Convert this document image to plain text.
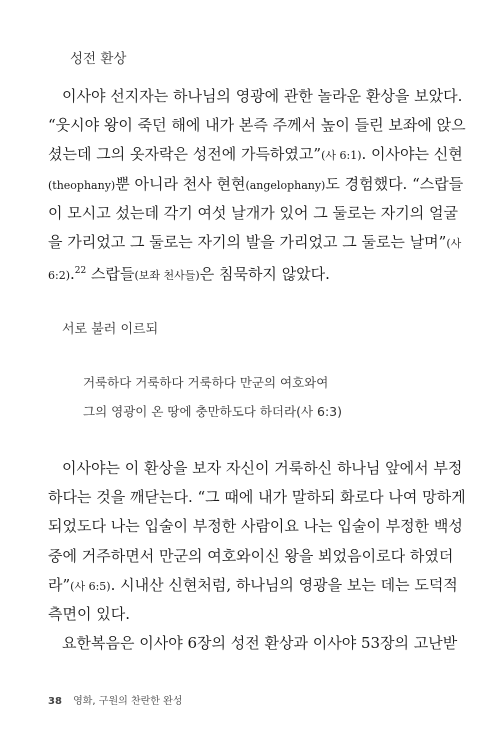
성전 환상
이사야 선지자는 하나님의 영광에 관한 놀라운 환상을 보았다.
“웃시야 왕이 죽던 해에 내가 본즉 주께서 높이 들린 보좌에 앉으
셨는데 그의 옷자락은 성전에 가득하였고”(사 6:1). 이사야는 신현
(theophany)뿐 아니라 천사 현현(angelophany)도 경험했다. “스랍들
이 모시고 섰는데 각기 여섯 날개가 있어 그 둘로는 자기의 얼굴
을 가리었고 그 둘로는 자기의 발을 가리었고 그 둘로는 날며”(사
6:2).$^{22}$ 스랍들(보좌 천사들)은 침묵하지 않았다.
서로 불러 이르되
거룩하다 거룩하다 거룩하다 만군의 여호와여
그의 영광이 온 땅에 충만하도다 하더라(사 6:3)
이사야는 이 환상을 보자 자신이 거룩하신 하나님 앞에서 부정
하다는 것을 깨닫는다. “그 때에 내가 말하되 화로다 나여 망하게
되었도다 나는 입술이 부정한 사람이요 나는 입술이 부정한 백성
중에 거주하면서 만군의 여호와이신 왕을 뵈었음이로다 하였더
라”(사 6:5). 시내산 신현처럼, 하나님의 영광을 보는 데는 도덕적
측면이 있다.
요한복음은 이사야 6장의 성전 환상과 이사야 53장의 고난받
38 영화, 구원의 찬란한 완성
